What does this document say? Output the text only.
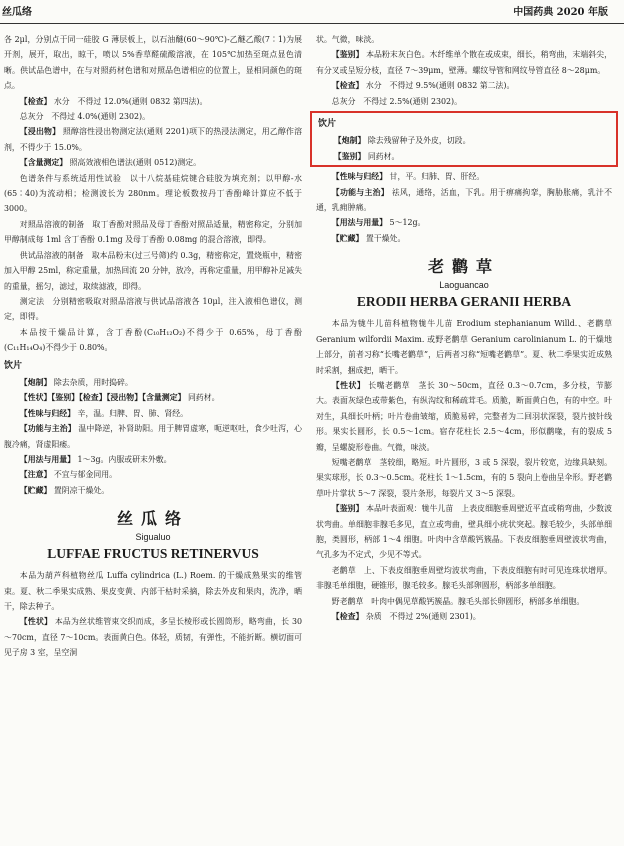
丝瓜络	中国药典 2020 年版

各 2μl，分别点于同一硅胶 G 薄层板上，以石油醚(60～90℃)-乙醚乙酸(7∶1)为展开剂，展开，取出，晾干，喷以 5%香草醛硫酸溶液，在 105℃加热至斑点显色清晰。供试品色谱中，在与对照药材色谱和对照品色谱相应的位置上，显相同颜色的斑点。

【检查】 水分　不得过 12.0%(通则 0832 第四法)。

总灰分　不得过 4.0%(通则 2302)。

【浸出物】 照醇溶性浸出物测定法(通则 2201)项下的热浸法测定，用乙醇作溶剂，不得少于 15.0%。

【含量测定】 照高效液相色谱法(通则 0512)测定。

色谱条件与系统适用性试验　以十八烷基硅烷键合硅胶为填充剂；以甲醇-水(65∶40)为流动相；检测波长为 280nm。理论板数按丹丁香酚峰计算应不低于 3000。

对照品溶液的制备　取丁香酚对照品及母丁香酚对照品适量，精密称定，分别加甲醇制成每 1ml 含丁香酚 0.1mg 及母丁香酚 0.08mg 的混合溶液，即得。

供试品溶液的制备　取本品粉末(过三号筛)约 0.3g，精密称定，置烧瓶中，精密加入甲醇 25ml，称定重量，加热回流 20 分钟，放冷，再称定重量，用甲醇补足减失的重量，摇匀，滤过，取续滤液，即得。

测定法　分别精密吸取对照品溶液与供试品溶液各 10μl，注入液相色谱仪，测定，即得。

本品按干燥品计算，含丁香酚(C₁₀H₁₂O₂)不得少于 0.65%，母丁香酚(C₁₁H₁₄O₄)不得少于 0.80%。

饮片

【炮制】 除去杂质，用时捣碎。

【性状】【鉴别】【检查】【浸出物】【含量测定】 同药材。

【性味与归经】 辛，温。归脾、胃、肺、肾经。

【功能与主治】 温中降逆，补肾助阳。用于脾胃虚寒，呃逆呕吐，食少吐泻，心腹冷痛，肾虚阳痿。

【用法与用量】 1～3g。内服或研末外敷。

【注意】 不宜与郁金同用。

【贮藏】 置阴凉干燥处。

丝瓜络
Sigualuo
LUFFAE FRUCTUS RETINERVUS

本品为葫芦科植物丝瓜 Luffa cylindrica (L.) Roem. 的干燥成熟果实的维管束。夏、秋二季果实成熟、果皮变黄、内部干枯时采摘，除去外皮和果肉，洗净，晒干，除去种子。

【性状】 本品为丝状维管束交织而成，多呈长棱形或长圆筒形，略弯曲，长 30～70cm，直径 7～10cm。表面黄白色。体轻，质韧，有弹性，不能折断。横切面可见子房 3 室，呈空洞

状。气微，味淡。

【鉴别】 本品粉末灰白色。木纤维单个散在或成束，细长，稍弯曲，末端斜尖，有分叉或呈短分枝，直径 7～39μm，壁薄。螺纹导管和网纹导管直径 8～28μm。

【检查】 水分　不得过 9.5%(通则 0832 第二法)。

总灰分　不得过 2.5%(通则 2302)。

饮片

【炮制】 除去残留种子及外皮，切段。

【鉴别】 同药材。

【性味与归经】 甘，平。归肺、胃、肝经。

【功能与主治】 祛风，通络，活血，下乳。用于痹痛拘挛，胸胁胀痛，乳汁不通，乳痈肿痛。

【用法与用量】 5～12g。

【贮藏】 置干燥处。

老鹳草
Laoguancao
ERODII HERBA GERANII HERBA

本品为牻牛儿苗科植物牻牛儿苗 Erodium stephanianum Willd.、老鹳草 Geranium wilfordii Maxim. 或野老鹳草 Geranium carolinianum L. 的干燥地上部分，前者习称“长嘴老鹳草”，后两者习称“短嘴老鹳草”。夏、秋二季果实近成熟时采割，捆成把，晒干。

【性状】 长嘴老鹳草　茎长 30～50cm，直径 0.3～0.7cm，多分枝，节膨大。表面灰绿色或带紫色，有纵沟纹和稀疏茸毛。质脆，断面黄白色，有的中空。叶对生，具细长叶柄；叶片卷曲皱缩，质脆易碎，完整者为二回羽状深裂，裂片披针线形。果实长圆形，长 0.5～1cm。宿存花柱长 2.5～4cm，形似鹳喙，有的裂成 5 瓣，呈螺旋形卷曲。气微，味淡。

短嘴老鹳草　茎较细，略短。叶片圆形，3 或 5 深裂，裂片较宽，边缘具缺刻。果实球形，长 0.3～0.5cm。花柱长 1～1.5cm，有的 5 裂向上卷曲呈伞形。野老鹳草叶片掌状 5～7 深裂，裂片条形，每裂片又 3～5 深裂。

【鉴别】 本品叶表面观：牻牛儿苗　上表皮细胞垂周壁近平直或稍弯曲，少数波状弯曲。单细胞非腺毛多见，直立或弯曲，壁具细小疣状突起。腺毛较少，头部单细胞，类圆形，柄部 1～4 细胞。叶肉中含草酸钙簇晶。下表皮细胞垂周壁波状弯曲，气孔多为不定式，少见不等式。

老鹳草　上、下表皮细胞垂周壁均波状弯曲，下表皮细胞有时可见连珠状增厚。非腺毛单细胞，硬锥形，腺毛较多。腺毛头部卵圆形，柄部多单细胞。

野老鹳草　叶肉中偶见草酸钙簇晶。腺毛头部长卵圆形，柄部多单细胞。

【检查】 杂质　不得过 2%(通则 2301)。
